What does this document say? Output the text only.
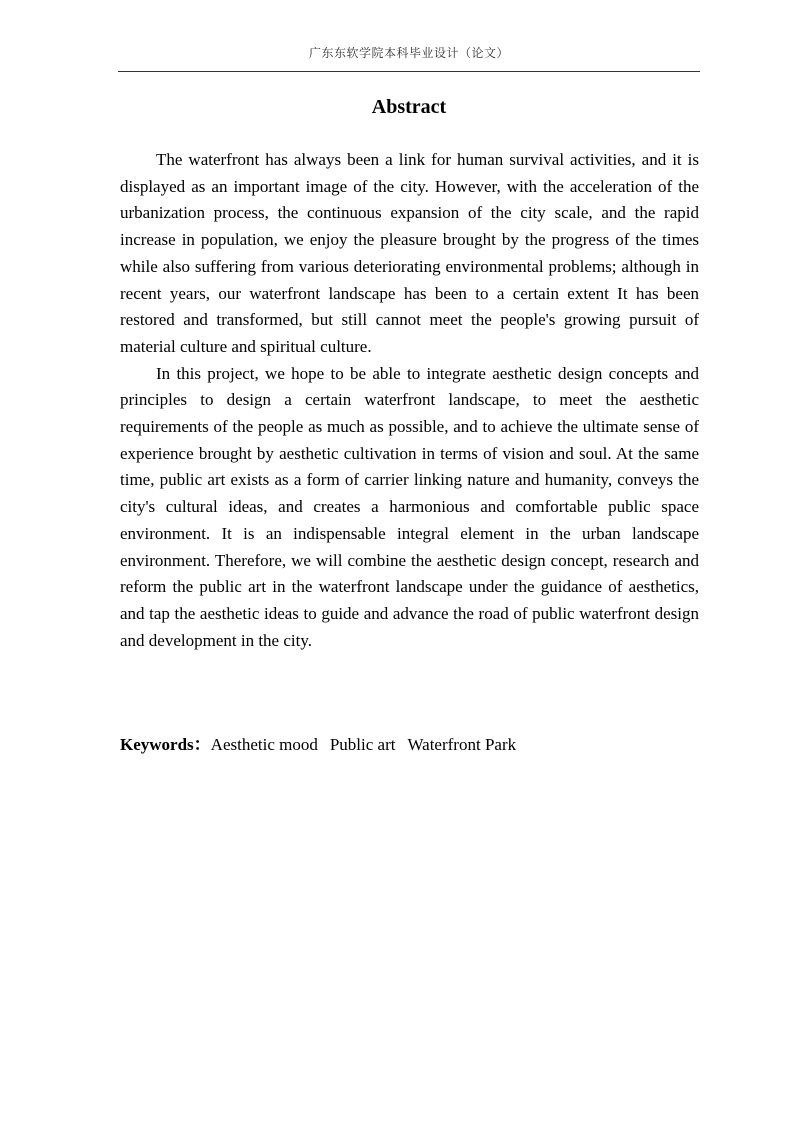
广东东软学院本科毕业设计（论文）
Abstract

The waterfront has always been a link for human survival activities, and it is displayed as an important image of the city. However, with the acceleration of the urbanization process, the continuous expansion of the city scale, and the rapid increase in population, we enjoy the pleasure brought by the progress of the times while also suffering from various deteriorating environmental problems; although in recent years, our waterfront landscape has been to a certain extent It has been restored and transformed, but still cannot meet the people's growing pursuit of material culture and spiritual culture.

In this project, we hope to be able to integrate aesthetic design concepts and principles to design a certain waterfront landscape, to meet the aesthetic requirements of the people as much as possible, and to achieve the ultimate sense of experience brought by aesthetic cultivation in terms of vision and soul. At the same time, public art exists as a form of carrier linking nature and humanity, conveys the city's cultural ideas, and creates a harmonious and comfortable public space environment. It is an indispensable integral element in the urban landscape environment. Therefore, we will combine the aesthetic design concept, research and reform the public art in the waterfront landscape under the guidance of aesthetics, and tap the aesthetic ideas to guide and advance the road of public waterfront design and development in the city.

Keywords：Aesthetic mood Public art Waterfront Park
